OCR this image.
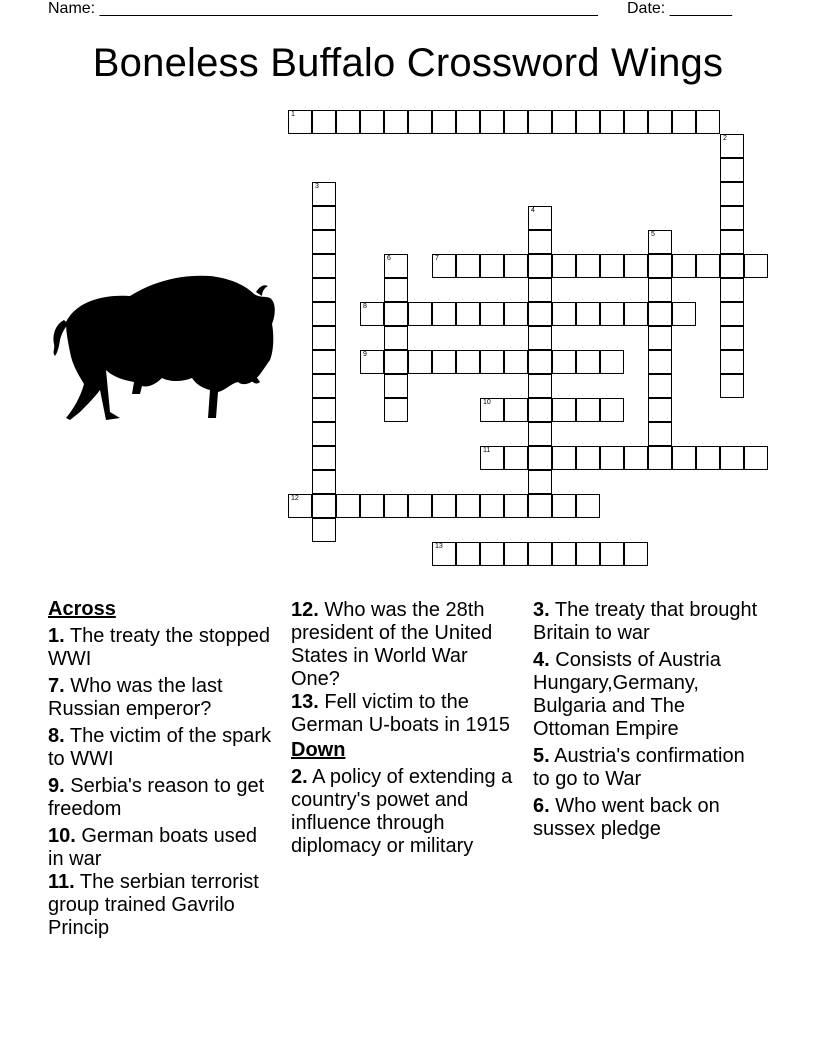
Name: ________________________________________________________ Date: _______
Boneless Buffalo Crossword Wings
1
7
8
9
10
11
12
13
2
3
4
5
6
Across
1. The treaty the stopped WWI
7. Who was the last Russian emperor?
8. The victim of the spark to WWI
9. Serbia's reason to get freedom
10. German boats used in war
11. The serbian terrorist group trained Gavrilo Princip
12. Who was the 28th president of the United States in World War One?
13. Fell victim to the German U-boats in 1915
Down
2. A policy of extending a country's powet and influence through diplomacy or military
3. The treaty that brought Britain to war
4. Consists of Austria Hungary,Germany, Bulgaria and The Ottoman Empire
5. Austria's confirmation to go to War
6. Who went back on sussex pledge
